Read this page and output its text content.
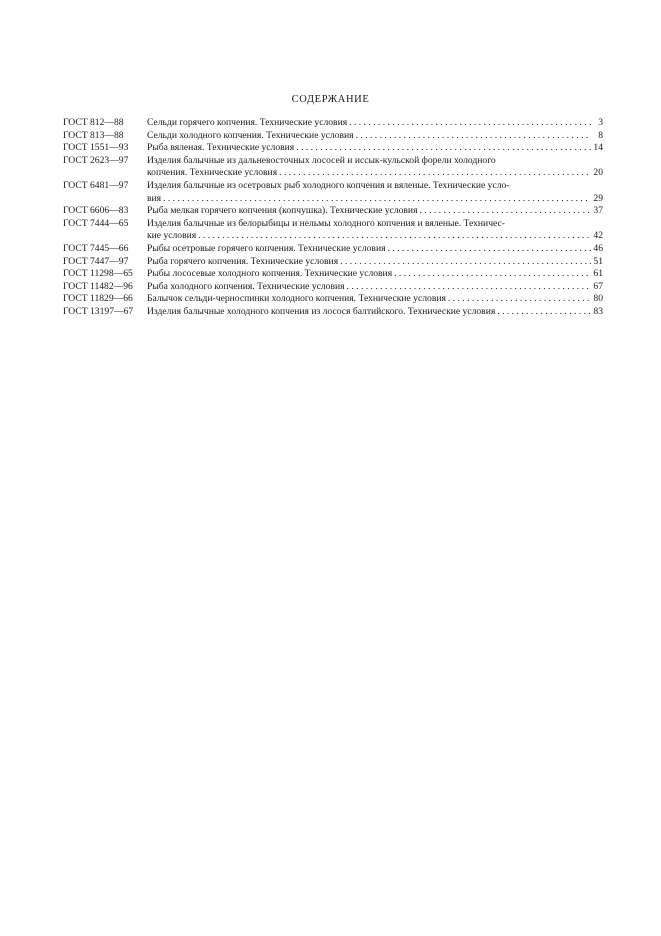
СОДЕРЖАНИЕ
ГОСТ 812—88	Сельди горячего копчения. Технические условия . . .	3
ГОСТ 813—88	Сельди холодного копчения. Технические условия . . .	8
ГОСТ 1551—93	Рыба вяленая. Технические условия . . .	14
ГОСТ 2623—97	Изделия балычные из дальневосточных лососей и иссык-кульской форели холодного
копчения. Технические условия . . .	20
ГОСТ 6481—97	Изделия балычные из осетровых рыб холодного копчения и вяленые. Технические усло-
вия . . .	29
ГОСТ 6606—83	Рыба мелкая горячего копчения (копчушка). Технические условия . . .	37
ГОСТ 7444—65	Изделия балычные из белорыбицы и нельмы холодного копчения и вяленые. Техничес-
кие условия . . .	42
ГОСТ 7445—66	Рыбы осетровые горячего копчения. Технические условия . . .	46
ГОСТ 7447—97	Рыба горячего копчения. Технические условия . . .	51
ГОСТ 11298—65	Рыбы лососевые холодного копчения. Технические условия . . .	61
ГОСТ 11482—96	Рыба холодного копчения. Технические условия . . .	67
ГОСТ 11829—66	Балычок сельди-черноспинки холодного копчения. Технические условия . . .	80
ГОСТ 13197—67	Изделия балычные холодного копчения из лосося балтийского. Технические условия . . .	83
